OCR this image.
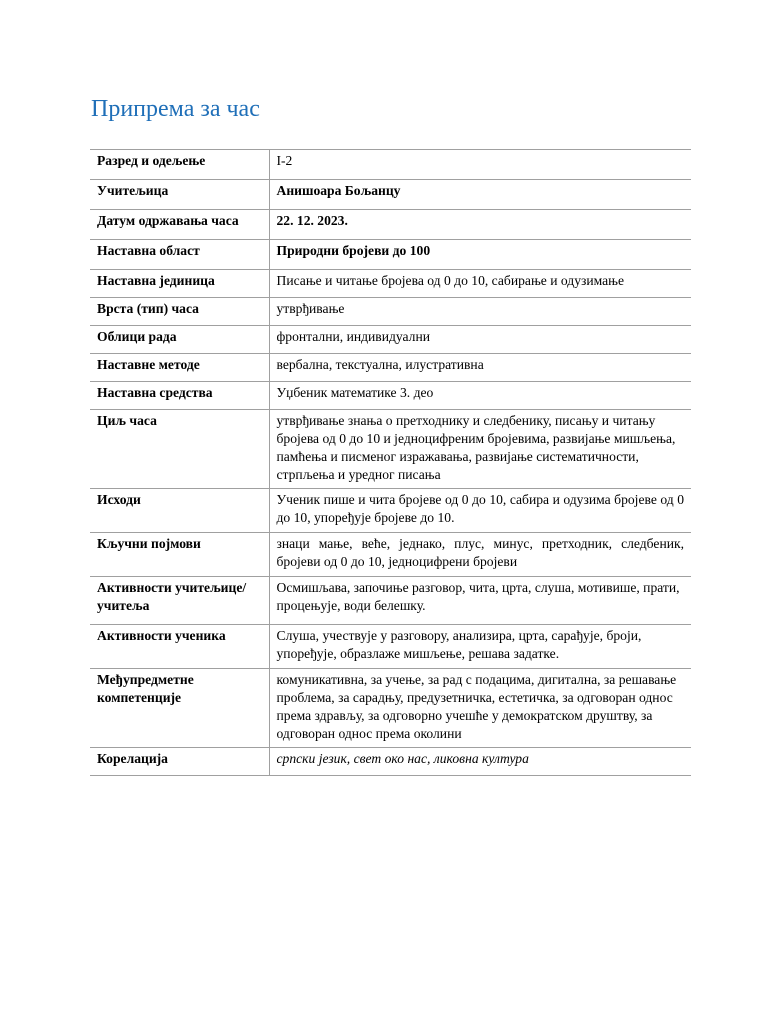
Припрема за час
Разред и одељење	I-2
Учитељица	Анишоара Бољанцу
Датум одржавања часа	22. 12. 2023.
Наставна област	Природни бројеви до 100
Наставна јединица	Писање и читање бројева од 0 до 10, сабирање и одузимање
Врста (тип) часа	утврђивање
Облици рада	фронтални, индивидуални
Наставне методе	вербална, текстуална, илустративна
Наставна средства	Уџбеник математике 3. део
Циљ часа	утврђивање знања о претходнику и следбенику, писању и читању бројева од 0 до 10 и једноцифреним бројевима, развијање мишљења, памћења и писменог изражавања, развијање систематичности, стрпљења и уредног писања
Исходи	Ученик пише и чита бројеве од 0 до 10, сабира и одузима бројеве од 0 до 10, упоређује бројеве до 10.
Кључни појмови	знаци мање, веће, једнако, плус, минус, претходник, следбеник, бројеви од 0 до 10, једноцифрени бројеви
Активности учитељице/учитеља	Осмишљава, започиње разговор, чита, црта, слуша, мотивише, прати, процењује, води белешку.
Активности ученика	Слуша, учествује у разговору, анализира, црта, сарађује, броји, упоређује, образлаже мишљење, решава задатке.
Међупредметне компетенције	комуникативна, за учење, за рад с подацима, дигитална, за решавање проблема, за сарадњу, предузетничка, естетичка, за одговоран однос према здрављу, за одговорно учешће у демократском друштву, за одговоран однос према околини
Корелација	српски језик, свет око нас, ликовна култура
